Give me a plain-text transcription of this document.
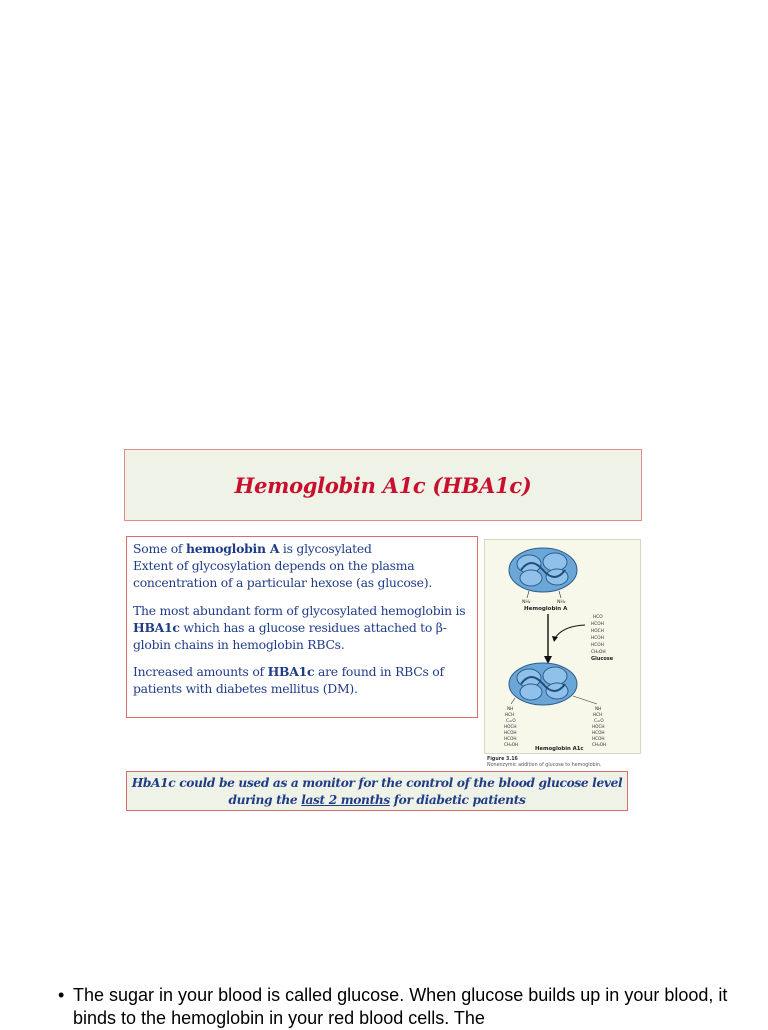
Hemoglobin A1c (HBA1c)

Some of hemoglobin A is glycosylated
Extent of glycosylation depends on the plasma concentration of a particular hexose (as glucose).

The most abundant form of glycosylated hemoglobin is HBA1c which has a glucose residues attached to β-globin chains in hemoglobin RBCs.

Increased amounts of HBA1c are found in RBCs of patients with diabetes mellitus (DM).

NH₂	NH₂
Hemoglobin A
HCO
HCOH
HOCH
HCOH
HCOH
CH₂OH
Glucose
NH
HCH
C=O
HOCH
HCOH
HCOH
CH₂OH
NH
HCH
C=O
HOCH
HCOH
HCOH
CH₂OH
Hemoglobin A1c
Figure 3.16
Nonenzymic addition of glucose to hemoglobin.
HbA1c could be used as a monitor for the control of the blood glucose level
during the last 2 months for diabetic patients
• The sugar in your blood is called glucose. When glucose builds up in your blood, it binds to the hemoglobin in your red blood cells. The
